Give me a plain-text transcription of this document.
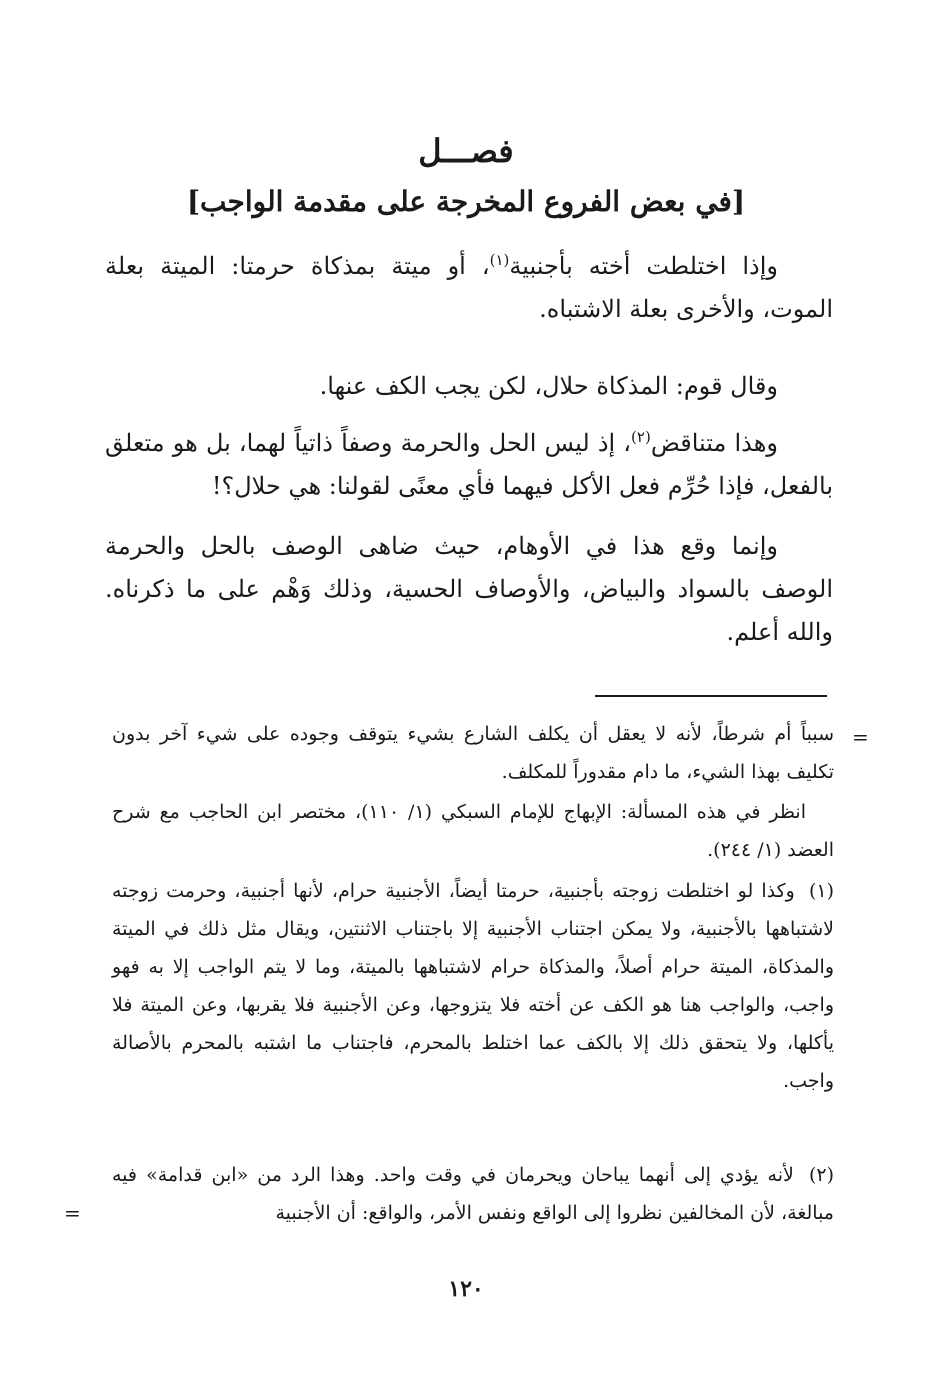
فصـــل
[في بعض الفروع المخرجة على مقدمة الواجب]
وإذا اختلطت أخته بأجنبية$^{(١)}$، أو ميتة بمذكاة حرمتا: الميتة بعلة الموت، والأخرى بعلة الاشتباه.
وقال قوم: المذكاة حلال، لكن يجب الكف عنها.
وهذا متناقض$^{(٢)}$، إذ ليس الحل والحرمة وصفاً ذاتياً لهما، بل هو متعلق بالفعل، فإذا حُرِّم فعل الأكل فيهما فأي معنًى لقولنا: هي حلال؟!
وإنما وقع هذا في الأوهام، حيث ضاهى الوصف بالحل والحرمة الوصف بالسواد والبياض، والأوصاف الحسية، وذلك وَهْم على ما ذكرناه. والله أعلم.
=
سبباً أم شرطاً، لأنه لا يعقل أن يكلف الشارع بشيء يتوقف وجوده على شيء آخر بدون تكليف بهذا الشيء، ما دام مقدوراً للمكلف.
انظر في هذه المسألة: الإبهاج للإمام السبكي (١/ ١١٠)، مختصر ابن الحاجب مع شرح العضد (١/ ٢٤٤).
(١) وكذا لو اختلطت زوجته بأجنبية، حرمتا أيضاً، الأجنبية حرام، لأنها أجنبية، وحرمت زوجته لاشتباهها بالأجنبية، ولا يمكن اجتناب الأجنبية إلا باجتناب الاثنتين، ويقال مثل ذلك في الميتة والمذكاة، الميتة حرام أصلاً، والمذكاة حرام لاشتباهها بالميتة، وما لا يتم الواجب إلا به فهو واجب، والواجب هنا هو الكف عن أخته فلا يتزوجها، وعن الأجنبية فلا يقربها، وعن الميتة فلا يأكلها، ولا يتحقق ذلك إلا بالكف عما اختلط بالمحرم، فاجتناب ما اشتبه بالمحرم بالأصالة واجب.
(٢) لأنه يؤدي إلى أنهما يباحان ويحرمان في وقت واحد. وهذا الرد من «ابن قدامة» فيه مبالغة، لأن المخالفين نظروا إلى الواقع ونفس الأمر، والواقع: أن الأجنبية
=
١٢٠
